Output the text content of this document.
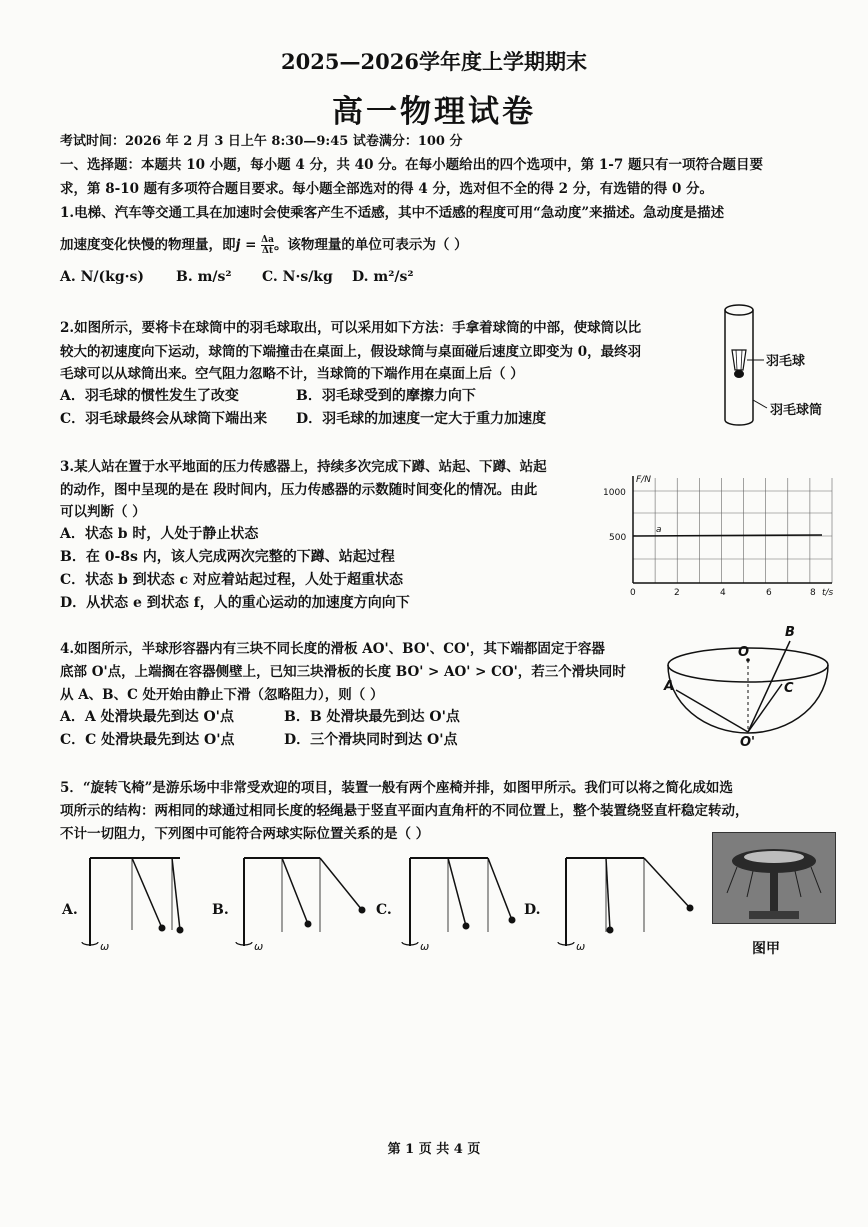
2025—2026学年度上学期期末
高一物理试卷
考试时间：2026 年 2 月 3 日上午 8:30—9:45 试卷满分：100 分
一、选择题：本题共 10 小题，每小题 4 分，共 40 分。在每小题给出的四个选项中，第 1-7 题只有一项符合题目要
求，第 8-10 题有多项符合题目要求。每小题全部选对的得 4 分，选对但不全的得 2 分，有选错的得 0 分。
1.电梯、汽车等交通工具在加速时会使乘客产生不适感，其中不适感的程度可用“急动度”来描述。急动度是描述
加速度变化快慢的物理量，即$j = \frac{\Delta a}{\Delta t}$ 。该物理量的单位可表示为（ ）
A. N/(kg·s) B. m/s² C. N·s/kg D. m²/s²
2.如图所示，要将卡在球筒中的羽毛球取出，可以采用如下方法：手拿着球筒的中部，使球筒以比
较大的初速度向下运动，球筒的下端撞击在桌面上，假设球筒与桌面碰后速度立即变为 0，最终羽
毛球可以从球筒出来。空气阻力忽略不计，当球筒的下端作用在桌面上后（ ）
A．羽毛球的惯性发生了改变	B．羽毛球受到的摩擦力向下
C．羽毛球最终会从球筒下端出来 D．羽毛球的加速度一定大于重力加速度
羽毛球
羽毛球筒
3.某人站在置于水平地面的压力传感器上，持续多次完成下蹲、站起、下蹲、站起
的动作，图中呈现的是在 段时间内，压力传感器的示数随时间变化的情况。由此
可以判断（ ）
A．状态 b 时，人处于静止状态
B．在 0-8s 内，该人完成两次完整的下蹲、站起过程
C．状态 b 到状态 c 对应着站起过程，人处于超重状态
D．从状态 e 到状态 f，人的重心运动的加速度方向向下
F/N
t/s
1000
500
0	2	4	6	8
a
4.如图所示，半球形容器内有三块不同长度的滑板 AO'、BO'、CO'，其下端都固定于容器
底部 O'点，上端搁在容器侧壁上，已知三块滑板的长度 BO' > AO' > CO'，若三个滑块同时
从 A、B、C 处开始由静止下滑（忽略阻力），则（ ）
A．A 处滑块最先到达 O'点	B．B 处滑块最先到达 O'点
C．C 处滑块最先到达 O'点	D．三个滑块同时到达 O'点
O
B
A	C
O'
5．“旋转飞椅”是游乐场中非常受欢迎的项目，装置一般有两个座椅并排，如图甲所示。我们可以将之简化成如选
项所示的结构：两相同的球通过相同长度的轻绳悬于竖直平面内直角杆的不同位置上，整个装置绕竖直杆稳定转动，
不计一切阻力，下列图中可能符合两球实际位置关系的是（ ）
A.
ω
B.
ω
C.
ω
D.
ω	图甲
第 1 页 共 4 页
